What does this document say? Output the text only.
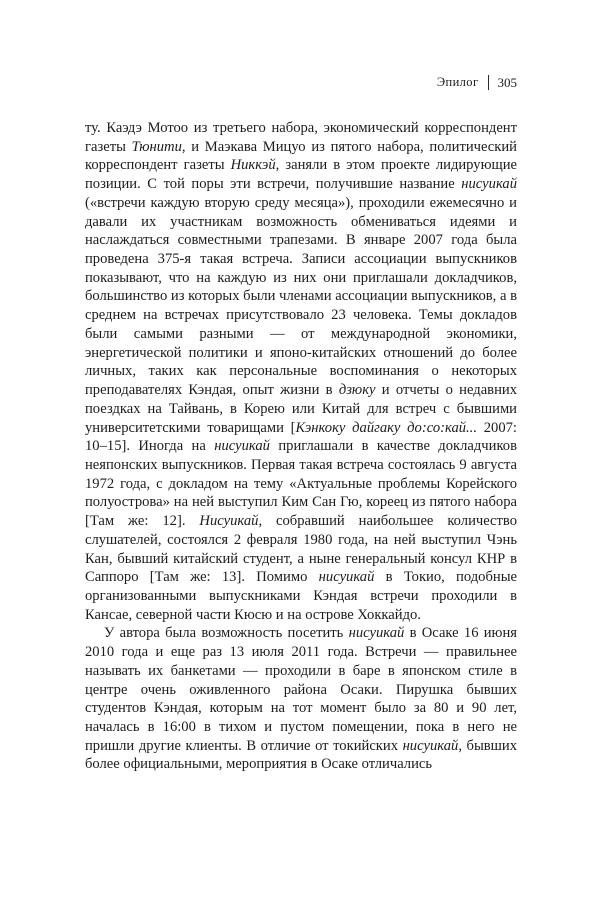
Эпилог 305

ту. Каэдэ Мотоо из третьего набора, экономический корреспондент газеты Тюнити, и Маэкава Мицуо из пятого набора, политический корреспондент газеты Никкэй, заняли в этом проекте лидирующие позиции. С той поры эти встречи, получившие название нисуикай («встречи каждую вторую среду месяца»), проходили ежемесячно и давали их участникам возможность обмениваться идеями и наслаждаться совместными трапезами. В январе 2007 года была проведена 375-я такая встреча. Записи ассоциации выпускников показывают, что на каждую из них они приглашали докладчиков, большинство из которых были членами ассоциации выпускников, а в среднем на встречах присутствовало 23 человека. Темы докладов были самыми разными — от международной экономики, энергетической политики и японо-китайских отношений до более личных, таких как персональные воспоминания о некоторых преподавателях Кэндая, опыт жизни в дзюку и отчеты о недавних поездках на Тайвань, в Корею или Китай для встреч с бывшими университетскими товарищами [Кэнкоку дайгаку до:со:кай... 2007: 10–15]. Иногда на нисуикай приглашали в качестве докладчиков неяпонских выпускников. Первая такая встреча состоялась 9 августа 1972 года, с докладом на тему «Актуальные проблемы Корейского полуострова» на ней выступил Ким Сан Гю, кореец из пятого набора [Там же: 12]. Нисуикай, собравший наибольшее количество слушателей, состоялся 2 февраля 1980 года, на ней выступил Чэнь Кан, бывший китайский студент, а ныне генеральный консул КНР в Саппоро [Там же: 13]. Помимо нисуикай в Токио, подобные организованными выпускниками Кэндая встречи проходили в Кансае, северной части Кюсю и на острове Хоккайдо.

У автора была возможность посетить нисуикай в Осаке 16 июня 2010 года и еще раз 13 июля 2011 года. Встречи — правильнее называть их банкетами — проходили в баре в японском стиле в центре очень оживленного района Осаки. Пирушка бывших студентов Кэндая, которым на тот момент было за 80 и 90 лет, началась в 16:00 в тихом и пустом помещении, пока в него не пришли другие клиенты. В отличие от токийских нисуикай, бывших более официальными, мероприятия в Осаке отличались
